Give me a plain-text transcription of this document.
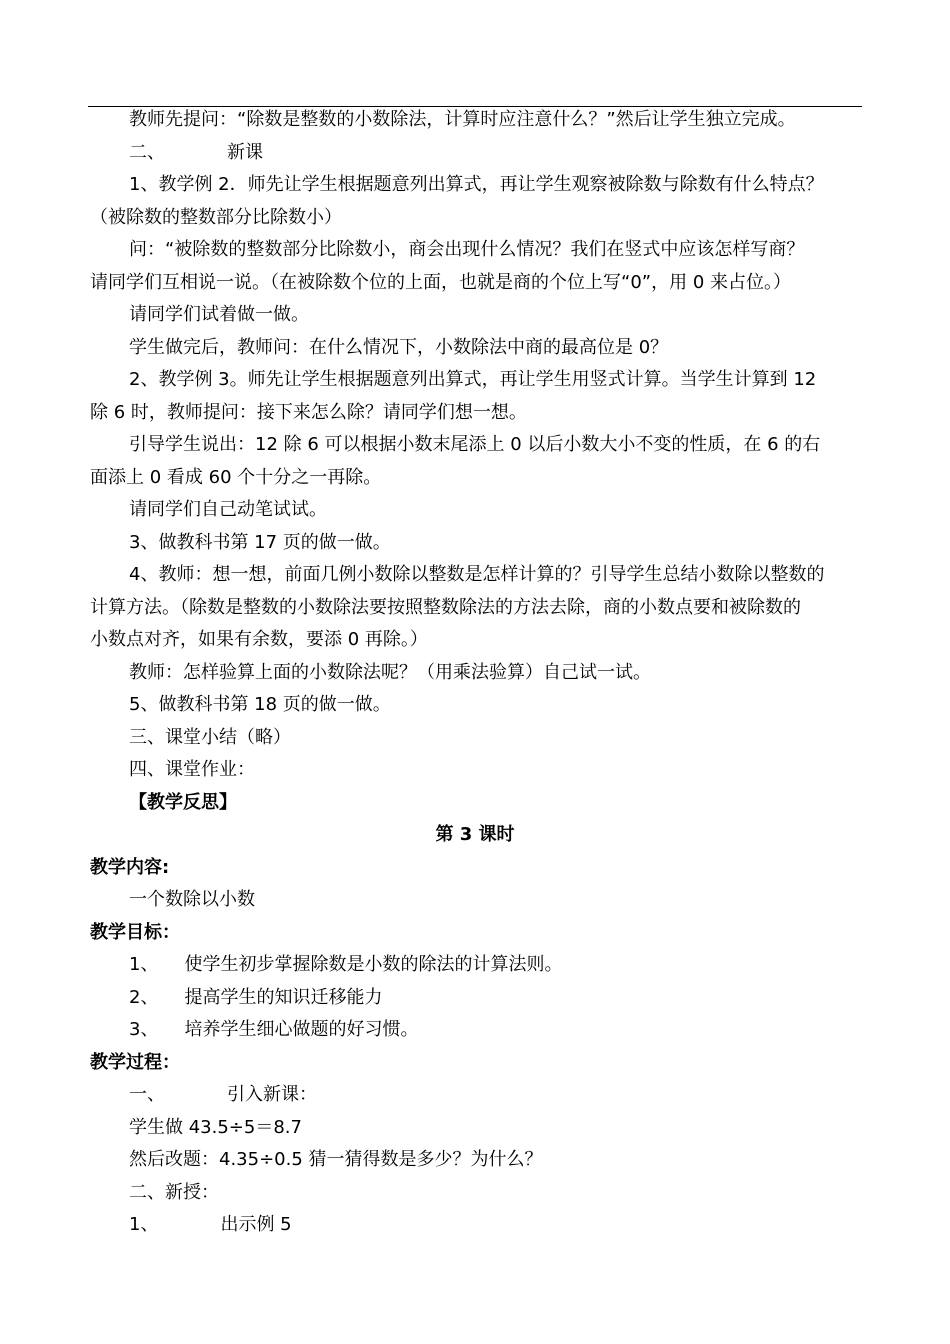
教师先提问：“除数是整数的小数除法，计算时应注意什么？”然后让学生独立完成。

二、	新课

1、教学例 2．师先让学生根据题意列出算式，再让学生观察被除数与除数有什么特点？

（被除数的整数部分比除数小）

问：“被除数的整数部分比除数小，商会出现什么情况？我们在竖式中应该怎样写商？

请同学们互相说一说。（在被除数个位的上面，也就是商的个位上写“0”，用 0 来占位。）

请同学们试着做一做。

学生做完后，教师问：在什么情况下，小数除法中商的最高位是 0？

2、教学例 3。师先让学生根据题意列出算式，再让学生用竖式计算。当学生计算到 12

除 6 时，教师提问：接下来怎么除？请同学们想一想。

引导学生说出：12 除 6 可以根据小数末尾添上 0 以后小数大小不变的性质，在 6 的右

面添上 0 看成 60 个十分之一再除。

请同学们自己动笔试试。

3、做教科书第 17 页的做一做。

4、教师：想一想，前面几例小数除以整数是怎样计算的？引导学生总结小数除以整数的

计算方法。（除数是整数的小数除法要按照整数除法的方法去除，商的小数点要和被除数的

小数点对齐，如果有余数，要添 0 再除。）

教师：怎样验算上面的小数除法呢？（用乘法验算）自己试一试。

5、做教科书第 18 页的做一做。

三、课堂小结（略）

四、课堂作业：

【教学反思】

第 3 课时

教学内容:

一个数除以小数

教学目标：

1、 使学生初步掌握除数是小数的除法的计算法则。

2、 提高学生的知识迁移能力

3、 培养学生细心做题的好习惯。

教学过程：

一、	引入新课：

学生做 43.5÷5＝8.7

然后改题：4.35÷0.5 猜一猜得数是多少？为什么？

二、新授：

1、	出示例 5
